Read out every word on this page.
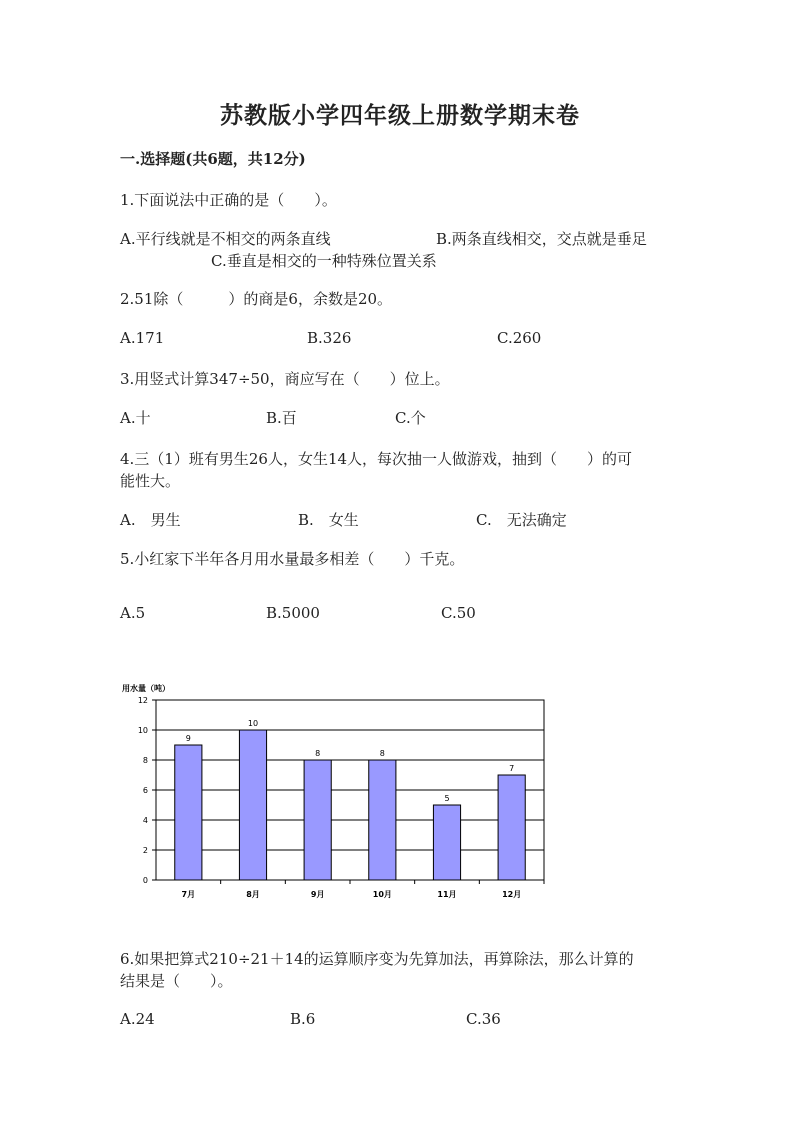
苏教版小学四年级上册数学期末卷
一.选择题(共6题，共12分)
1.下面说法中正确的是（　　）。
A.平行线就是不相交的两条直线	B.两条直线相交，交点就是垂足
C.垂直是相交的一种特殊位置关系
2.51除（　　　）的商是6，余数是20。
A.171	B.326	C.260
3.用竖式计算347÷50，商应写在（　　）位上。
A.十	B.百	C.个
4.三（1）班有男生26人，女生14人，每次抽一人做游戏，抽到（　　）的可
能性大。
A.　男生	B.　女生	C.　无法确定
5.小红家下半年各月用水量最多相差（　　）千克。
A.5	B.5000	C.50
用水量（吨）
0
2
4
6
8
10
12
9
7月
10
8月
8
9月
8
10月
5
11月
7
12月
6.如果把算式210÷21＋14的运算顺序变为先算加法，再算除法，那么计算的
结果是（　　）。
A.24	B.6	C.36
